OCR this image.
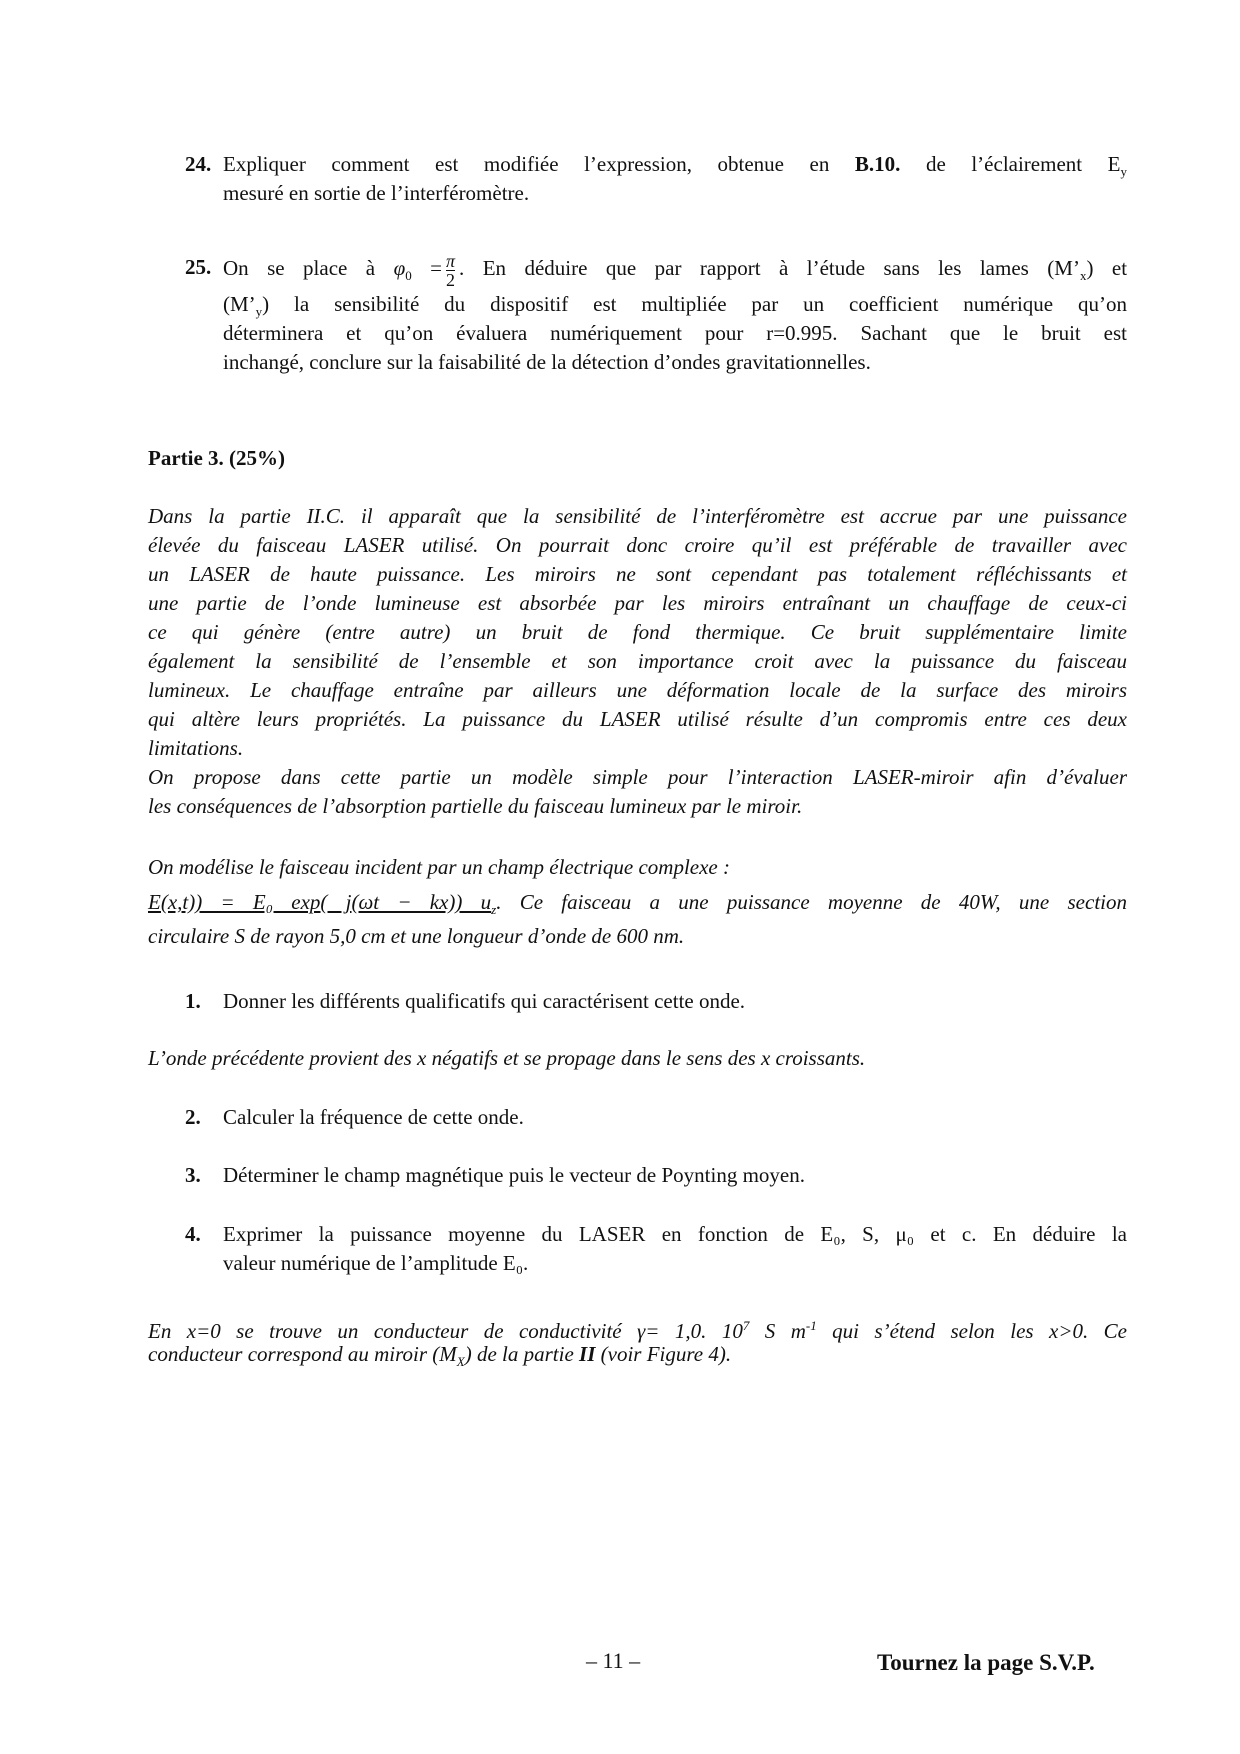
24. Expliquer comment est modifiée l’expression, obtenue en B.10. de l’éclairement $E_y$
mesuré en sortie de l’interféromètre.
25. On se place à $\varphi_0 = \frac{\pi}{2}$ . En déduire que par rapport à l’étude sans les lames $(M’_x)$ et
$(M’_y)$ la sensibilité du dispositif est multipliée par un coefficient numérique qu’on
déterminera et qu’on évaluera numériquement pour r=0.995. Sachant que le bruit est
inchangé, conclure sur la faisabilité de la détection d’ondes gravitationnelles.
Partie 3. (25%)
Dans la partie II.C. il apparaît que la sensibilité de l’interféromètre est accrue par une puissance
élevée du faisceau LASER utilisé. On pourrait donc croire qu’il est préférable de travailler avec
un LASER de haute puissance. Les miroirs ne sont cependant pas totalement réfléchissants et
une partie de l’onde lumineuse est absorbée par les miroirs entraînant un chauffage de ceux-ci
ce qui génère (entre autre) un bruit de fond thermique. Ce bruit supplémentaire limite
également la sensibilité de l’ensemble et son importance croit avec la puissance du faisceau
lumineux. Le chauffage entraîne par ailleurs une déformation locale de la surface des miroirs
qui altère leurs propriétés. La puissance du LASER utilisé résulte d’un compromis entre ces deux
limitations.
On propose dans cette partie un modèle simple pour l’interaction LASER-miroir afin d’évaluer
les conséquences de l’absorption partielle du faisceau lumineux par le miroir.
On modélise le faisceau incident par un champ électrique complexe :
E(x,t)) = E₀ exp( j(ωt − kx)) $u_z$. Ce faisceau a une puissance moyenne de 40W, une section
circulaire S de rayon 5,0 cm et une longueur d’onde de 600 nm.
1. Donner les différents qualificatifs qui caractérisent cette onde.
L’onde précédente provient des x négatifs et se propage dans le sens des x croissants.
2. Calculer la fréquence de cette onde.
3. Déterminer le champ magnétique puis le vecteur de Poynting moyen.
4. Exprimer la puissance moyenne du LASER en fonction de E₀, S, μ₀ et c. En déduire la
valeur numérique de l’amplitude E₀.
En x=0 se trouve un conducteur de conductivité γ= 1,0. $10^7$ S $m^{-1}$ qui s’étend selon les x>0. Ce
conducteur correspond au miroir $(M_X)$ de la partie II (voir Figure 4).
– 11 –	Tournez la page S.V.P.
